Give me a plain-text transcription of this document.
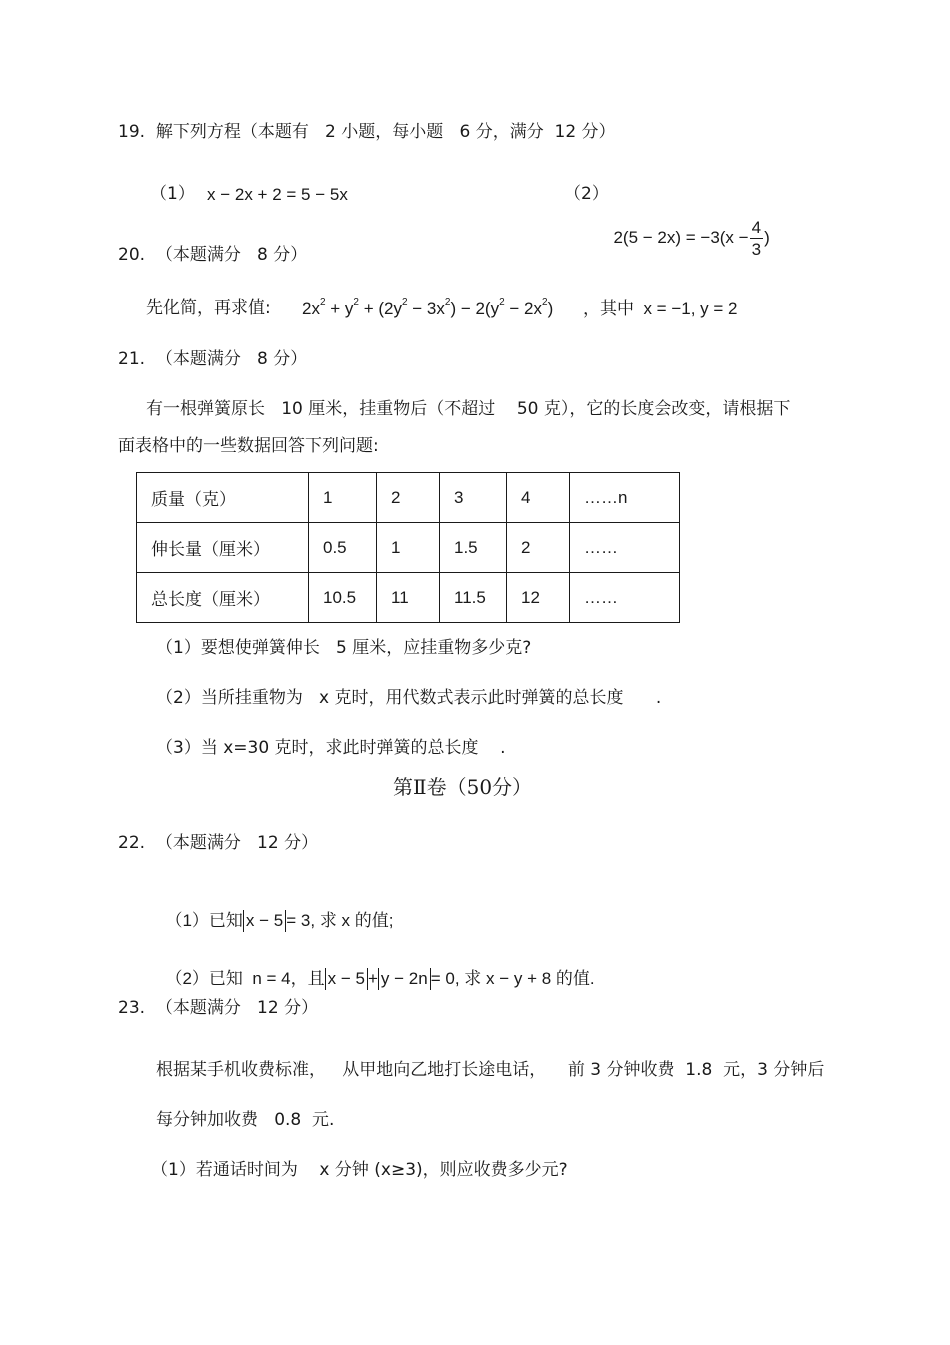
19.  解下列方程（本题有   2 小题，每小题   6 分，满分  12 分）
（1） x − 2x + 2 = 5 − 5x	（2）

$2(5 - 2x) = -3(x - \frac{4}{3}$ )

20.  （本题满分   8 分）
先化简，再求值: $2x^2 + y^2 + (2y^2 - 3x^2) - 2(y^2 - 2x^2)$ ，其中  x = −1, y = 2
21.  （本题满分   8 分）
有一根弹簧原长   10 厘米，挂重物后（不超过    50 克），它的长度会改变，请根据下
面表格中的一些数据回答下列问题:
质量（克）	1	2	3	4	……n
伸长量（厘米）	0.5	1	1.5	2	……
总长度（厘米）	10.5	11	11.5	12	……
（1）要想使弹簧伸长   5 厘米，应挂重物多少克?
（2）当所挂重物为   x 克时，用代数式表示此时弹簧的总长度      .
（3）当 x=30 克时，求此时弹簧的总长度    .
第Ⅱ卷（50分）
22.  （本题满分   12 分）

（1）已知 x − 5 = 3, 求 x 的值;

（2）已知  n = 4，且 x − 5 + y − 2n = 0, 求 x − y + 8 的值.

23.  （本题满分   12 分）
根据某手机收费标准，   从甲地向乙地打长途电话，    前 3 分钟收费  1.8  元，3 分钟后
每分钟加收费   0.8  元.
（1）若通话时间为    x 分钟 (x≥3)，则应收费多少元?
